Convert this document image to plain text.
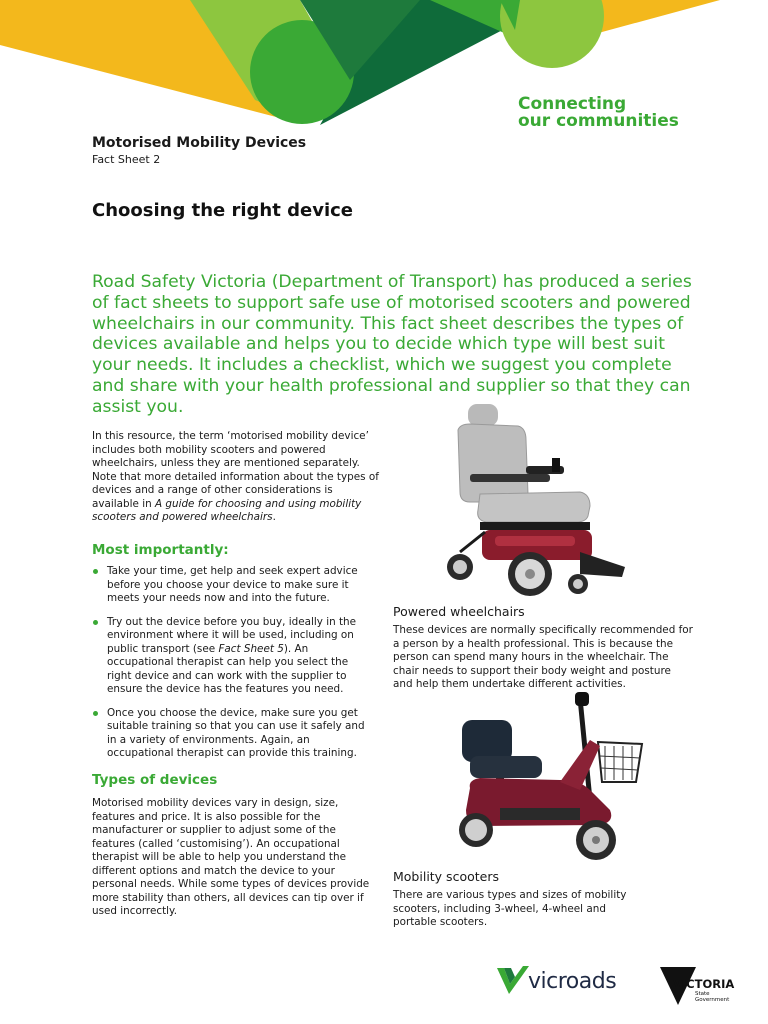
Connecting
our communities
Motorised Mobility Devices
Fact Sheet 2
Choosing the right device
Road Safety Victoria (Department of Transport) has produced a series of fact sheets to support safe use of motorised scooters and powered wheelchairs in our community. This fact sheet describes the types of devices available and helps you to decide which type will best suit your needs. It includes a checklist, which we suggest you complete and share with your health professional and supplier so that they can assist you.
In this resource, the term ‘motorised mobility device’ includes both mobility scooters and powered wheelchairs, unless they are mentioned separately. Note that more detailed information about the types of devices and a range of other considerations is available in A guide for choosing and using mobility scooters and powered wheelchairs.
Most importantly:
Take your time, get help and seek expert advice before you choose your device to make sure it meets your needs now and into the future.
Try out the device before you buy, ideally in the environment where it will be used, including on public transport (see Fact Sheet 5). An occupational therapist can help you select the right device and can work with the supplier to ensure the device has the features you need.
Once you choose the device, make sure you get suitable training so that you can use it safely and in a variety of environments. Again, an occupational therapist can provide this training.
Types of devices
Motorised mobility devices vary in design, size, features and price. It is also possible for the manufacturer or supplier to adjust some of the features (called ‘customising’). An occupational therapist will be able to help you understand the different options and match the device to your personal needs. While some types of devices provide more stability than others, all devices can tip over if used incorrectly.
Powered wheelchairs
These devices are normally specifically recommended for a person by a health professional. This is because the person can spend many hours in the wheelchair. The chair needs to support their body weight and posture and help them undertake different activities.
Mobility scooters
There are various types and sizes of mobility scooters, including 3-wheel, 4-wheel and portable scooters.
vicroads	VICTORIA
State Government
